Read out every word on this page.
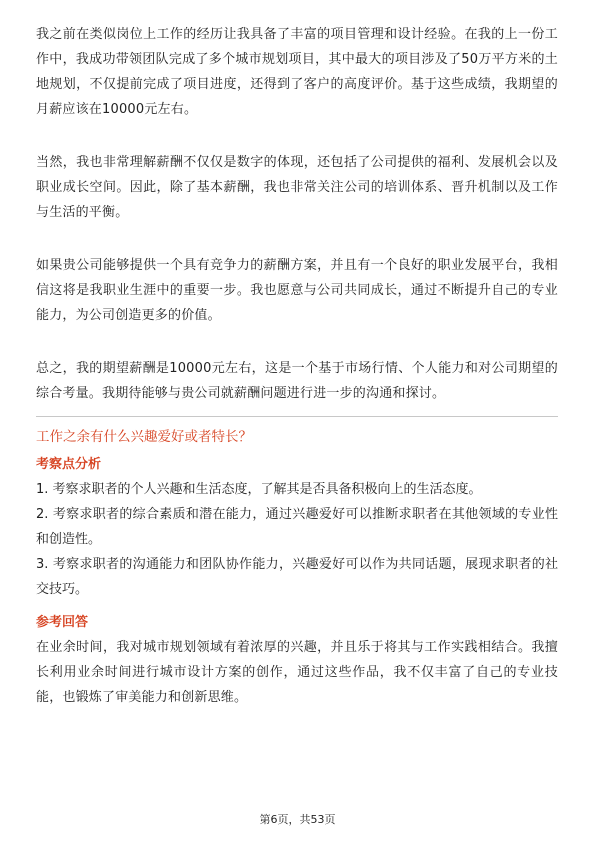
我之前在类似岗位上工作的经历让我具备了丰富的项目管理和设计经验。在我的上一份工作中，我成功带领团队完成了多个城市规划项目，其中最大的项目涉及了50万平方米的土地规划，不仅提前完成了项目进度，还得到了客户的高度评价。基于这些成绩，我期望的月薪应该在10000元左右。

当然，我也非常理解薪酬不仅仅是数字的体现，还包括了公司提供的福利、发展机会以及职业成长空间。因此，除了基本薪酬，我也非常关注公司的培训体系、晋升机制以及工作与生活的平衡。

如果贵公司能够提供一个具有竞争力的薪酬方案，并且有一个良好的职业发展平台，我相信这将是我职业生涯中的重要一步。我也愿意与公司共同成长，通过不断提升自己的专业能力，为公司创造更多的价值。

总之，我的期望薪酬是10000元左右，这是一个基于市场行情、个人能力和对公司期望的综合考量。我期待能够与贵公司就薪酬问题进行进一步的沟通和探讨。

工作之余有什么兴趣爱好或者特长？

考察点分析

1. 考察求职者的个人兴趣和生活态度，了解其是否具备积极向上的生活态度。

2. 考察求职者的综合素质和潜在能力，通过兴趣爱好可以推断求职者在其他领域的专业性和创造性。

3. 考察求职者的沟通能力和团队协作能力，兴趣爱好可以作为共同话题，展现求职者的社交技巧。

参考回答

在业余时间，我对城市规划领域有着浓厚的兴趣，并且乐于将其与工作实践相结合。我擅长利用业余时间进行城市设计方案的创作，通过这些作品，我不仅丰富了自己的专业技能，也锻炼了审美能力和创新思维。

第6页，共53页
